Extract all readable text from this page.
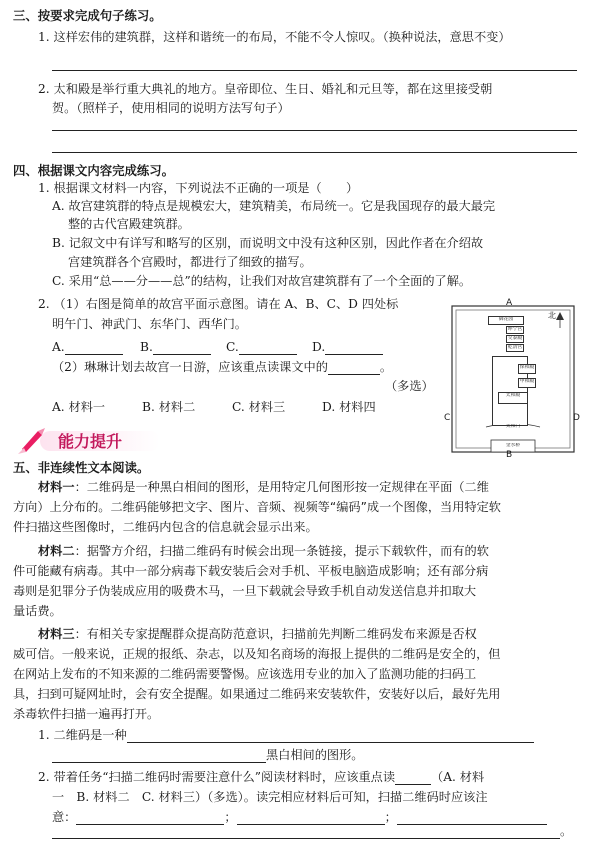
三、按要求完成句子练习。
1. 这样宏伟的建筑群，这样和谐统一的布局，不能不令人惊叹。（换种说法，意思不变）
2. 太和殿是举行重大典礼的地方。皇帝即位、生日、婚礼和元旦等，都在这里接受朝
贺。（照样子，使用相同的说明方法写句子）
四、根据课文内容完成练习。
1. 根据课文材料一内容，下列说法不正确的一项是（　　）
A. 故宫建筑群的特点是规模宏大，建筑精美，布局统一。它是我国现存的最大最完
整的古代宫殿建筑群。
B. 记叙文中有详写和略写的区别，而说明文中没有这种区别，因此作者在介绍故
宫建筑群各个宫殿时，都进行了细致的描写。
C. 采用“总——分——总”的结构，让我们对故宫建筑群有了一个全面的了解。
2. （1）右图是简单的故宫平面示意图。请在 A、B、C、D 四处标
明午门、神武门、东华门、西华门。
A.	B.	C.	D.
（2）琳琳计划去故宫一日游，应该重点读课文中的	。
（多选）
A. 材料一	B. 材料二	C. 材料三	D. 材料四
A
B
C	D
北
御花园
坤宁宫
交泰殿
乾清宫
保和殿
中和殿
太和殿
太和门
金水桥
能力提升
五、非连续性文本阅读。
材料一：二维码是一种黑白相间的图形，是用特定几何图形按一定规律在平面（二维
方向）上分布的。二维码能够把文字、图片、音频、视频等“编码”成一个图像，当用特定软
件扫描这些图像时，二维码内包含的信息就会显示出来。
材料二：据警方介绍，扫描二维码有时候会出现一条链接，提示下载软件，而有的软
件可能藏有病毒。其中一部分病毒下载安装后会对手机、平板电脑造成影响；还有部分病
毒则是犯罪分子伪装成应用的吸费木马，一旦下载就会导致手机自动发送信息并扣取大
量话费。
材料三：有相关专家提醒群众提高防范意识，扫描前先判断二维码发布来源是否权
威可信。一般来说，正规的报纸、杂志，以及知名商场的海报上提供的二维码是安全的，但
在网站上发布的不知来源的二维码需要警惕。应该选用专业的加入了监测功能的扫码工
具，扫到可疑网址时，会有安全提醒。如果通过二维码来安装软件，安装好以后，最好先用
杀毒软件扫描一遍再打开。
1. 二维码是一种
黑白相间的图形。
2. 带着任务“扫描二维码时需要注意什么”阅读材料时，应该重点读	（A. 材料
一　B. 材料二　C. 材料三）（多选）。读完相应材料后可知，扫描二维码时应该注
意：	；	；
。
